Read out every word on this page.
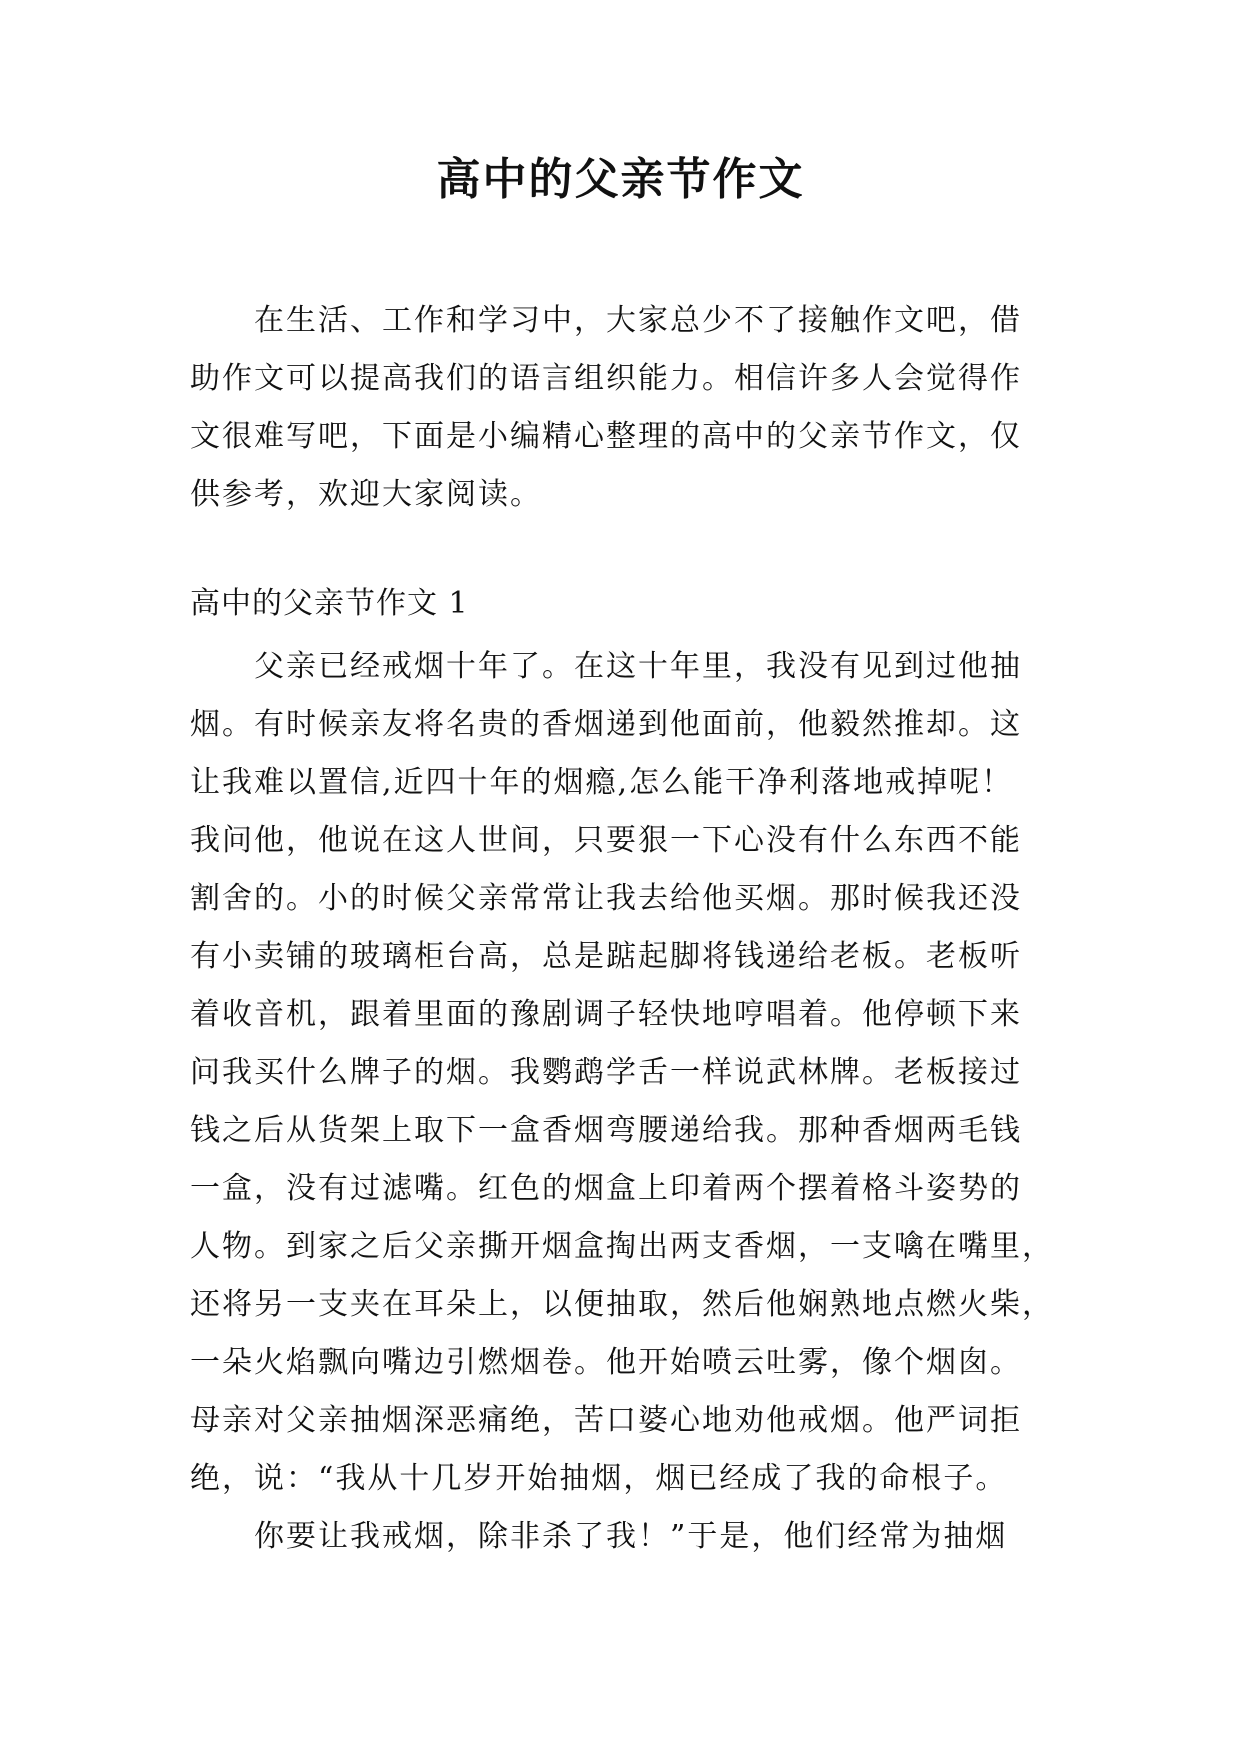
高中的父亲节作文
在生活、工作和学习中，大家总少不了接触作文吧，借
助作文可以提高我们的语言组织能力。相信许多人会觉得作
文很难写吧，下面是小编精心整理的高中的父亲节作文，仅
供参考，欢迎大家阅读。
高中的父亲节作文 1
父亲已经戒烟十年了。在这十年里，我没有见到过他抽
烟。有时候亲友将名贵的香烟递到他面前，他毅然推却。这
让我难以置信,近四十年的烟瘾,怎么能干净利落地戒掉呢！
我问他，他说在这人世间，只要狠一下心没有什么东西不能
割舍的。小的时候父亲常常让我去给他买烟。那时候我还没
有小卖铺的玻璃柜台高，总是踮起脚将钱递给老板。老板听
着收音机，跟着里面的豫剧调子轻快地哼唱着。他停顿下来
问我买什么牌子的烟。我鹦鹉学舌一样说武林牌。老板接过
钱之后从货架上取下一盒香烟弯腰递给我。那种香烟两毛钱
一盒，没有过滤嘴。红色的烟盒上印着两个摆着格斗姿势的
人物。到家之后父亲撕开烟盒掏出两支香烟，一支噙在嘴里，
还将另一支夹在耳朵上，以便抽取，然后他娴熟地点燃火柴，
一朵火焰飘向嘴边引燃烟卷。他开始喷云吐雾，像个烟囱。
母亲对父亲抽烟深恶痛绝，苦口婆心地劝他戒烟。他严词拒
绝，说：“我从十几岁开始抽烟，烟已经成了我的命根子。
你要让我戒烟，除非杀了我！”于是，他们经常为抽烟
